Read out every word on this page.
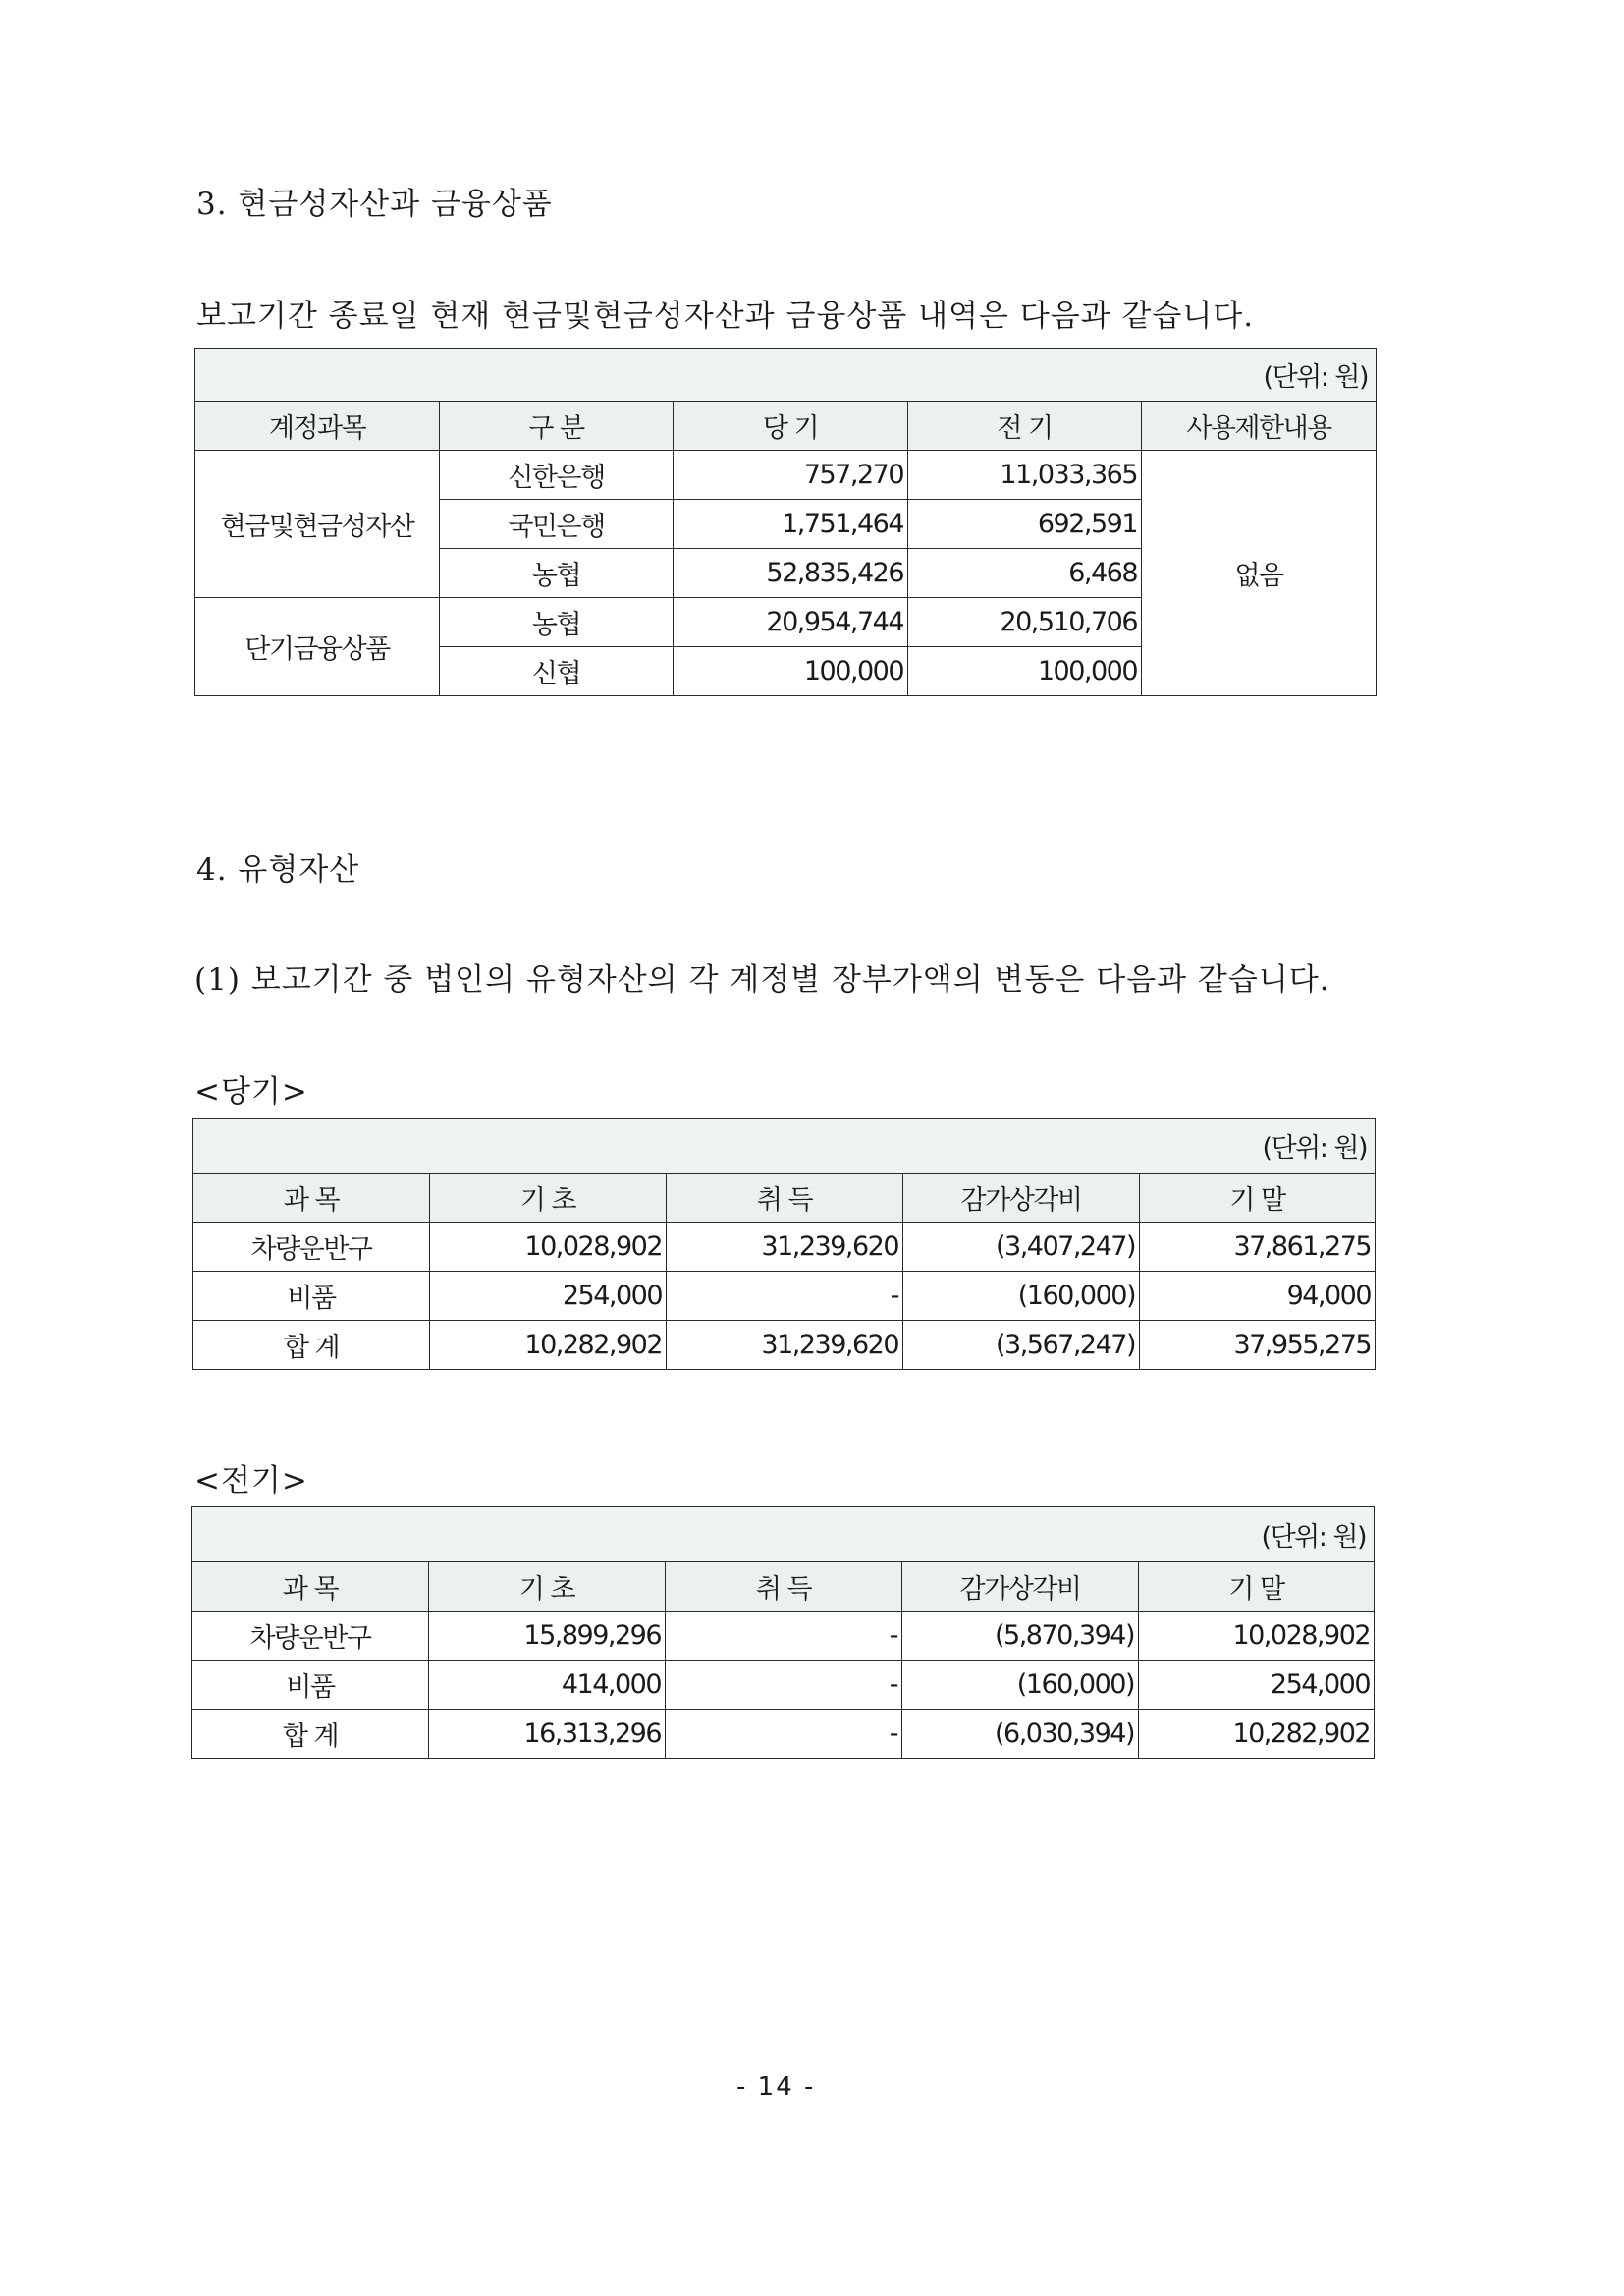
3. 현금성자산과 금융상품
보고기간 종료일 현재 현금및현금성자산과 금융상품 내역은 다음과 같습니다.
(단위: 원)				
계정과목	구 분	당 기	전 기	사용제한내용
현금및현금성자산	신한은행	757,270	11,033,365	없음
	국민은행	1,751,464	692,591	
	농협	52,835,426	6,468	
단기금융상품	농협	20,954,744	20,510,706	
	신협	100,000	100,000	
4. 유형자산
(1) 보고기간 중 법인의 유형자산의 각 계정별 장부가액의 변동은 다음과 같습니다.
<당기>
(단위: 원)				
과 목	기 초	취 득	감가상각비	기 말
차량운반구	10,028,902	31,239,620	(3,407,247)	37,861,275
비품	254,000	-	(160,000)	94,000
합 계	10,282,902	31,239,620	(3,567,247)	37,955,275
<전기>
(단위: 원)				
과 목	기 초	취 득	감가상각비	기 말
차량운반구	15,899,296	-	(5,870,394)	10,028,902
비품	414,000	-	(160,000)	254,000
합 계	16,313,296	-	(6,030,394)	10,282,902
- 14 -
